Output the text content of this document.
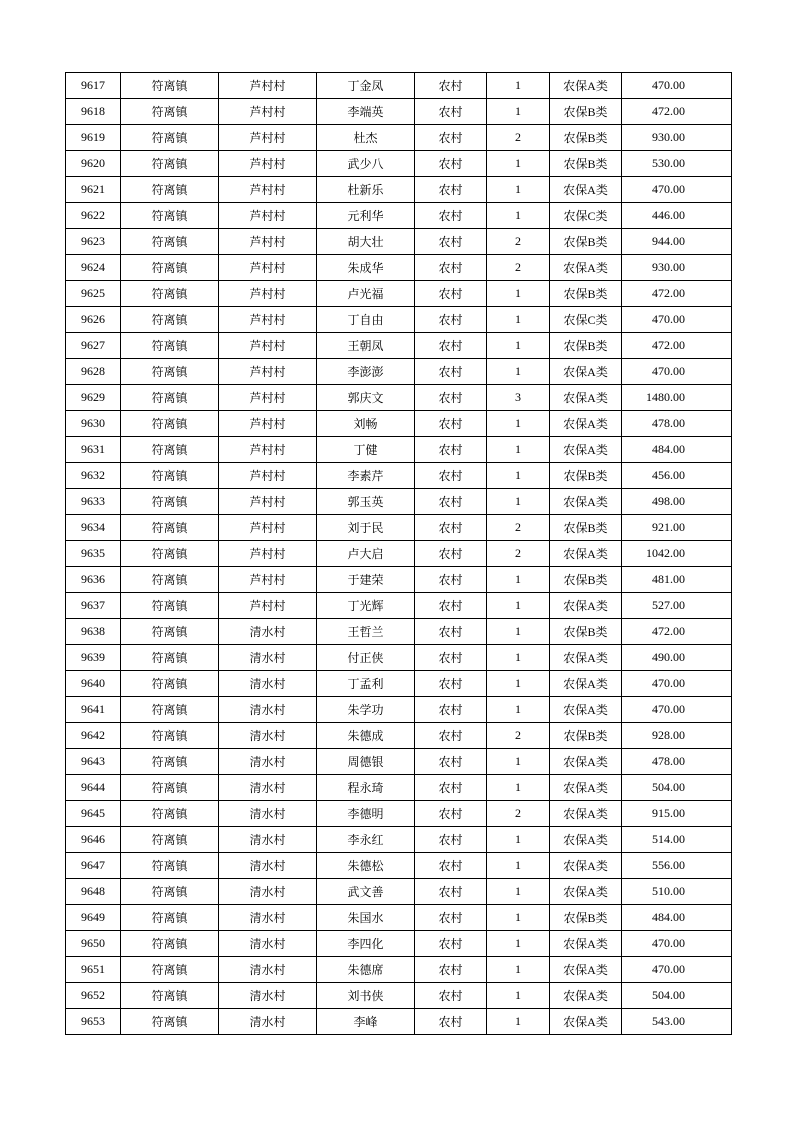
9617	符离镇	芦村村	丁金凤	农村	1	农保A类	470.00
9618	符离镇	芦村村	李端英	农村	1	农保B类	472.00
9619	符离镇	芦村村	杜杰	农村	2	农保B类	930.00
9620	符离镇	芦村村	武少八	农村	1	农保B类	530.00
9621	符离镇	芦村村	杜新乐	农村	1	农保A类	470.00
9622	符离镇	芦村村	元利华	农村	1	农保C类	446.00
9623	符离镇	芦村村	胡大壮	农村	2	农保B类	944.00
9624	符离镇	芦村村	朱成华	农村	2	农保A类	930.00
9625	符离镇	芦村村	卢光福	农村	1	农保B类	472.00
9626	符离镇	芦村村	丁自由	农村	1	农保C类	470.00
9627	符离镇	芦村村	王朝凤	农村	1	农保B类	472.00
9628	符离镇	芦村村	李澎澎	农村	1	农保A类	470.00
9629	符离镇	芦村村	郭庆文	农村	3	农保A类	1480.00
9630	符离镇	芦村村	刘畅	农村	1	农保A类	478.00
9631	符离镇	芦村村	丁健	农村	1	农保A类	484.00
9632	符离镇	芦村村	李素芹	农村	1	农保B类	456.00
9633	符离镇	芦村村	郭玉英	农村	1	农保A类	498.00
9634	符离镇	芦村村	刘于民	农村	2	农保B类	921.00
9635	符离镇	芦村村	卢大启	农村	2	农保A类	1042.00
9636	符离镇	芦村村	于建荣	农村	1	农保B类	481.00
9637	符离镇	芦村村	丁光辉	农村	1	农保A类	527.00
9638	符离镇	清水村	王哲兰	农村	1	农保B类	472.00
9639	符离镇	清水村	付正侠	农村	1	农保A类	490.00
9640	符离镇	清水村	丁孟利	农村	1	农保A类	470.00
9641	符离镇	清水村	朱学功	农村	1	农保A类	470.00
9642	符离镇	清水村	朱德成	农村	2	农保B类	928.00
9643	符离镇	清水村	周德银	农村	1	农保A类	478.00
9644	符离镇	清水村	程永琦	农村	1	农保A类	504.00
9645	符离镇	清水村	李德明	农村	2	农保A类	915.00
9646	符离镇	清水村	李永红	农村	1	农保A类	514.00
9647	符离镇	清水村	朱德松	农村	1	农保A类	556.00
9648	符离镇	清水村	武文善	农村	1	农保A类	510.00
9649	符离镇	清水村	朱国水	农村	1	农保B类	484.00
9650	符离镇	清水村	李四化	农村	1	农保A类	470.00
9651	符离镇	清水村	朱德席	农村	1	农保A类	470.00
9652	符离镇	清水村	刘书侠	农村	1	农保A类	504.00
9653	符离镇	清水村	李峰	农村	1	农保A类	543.00
